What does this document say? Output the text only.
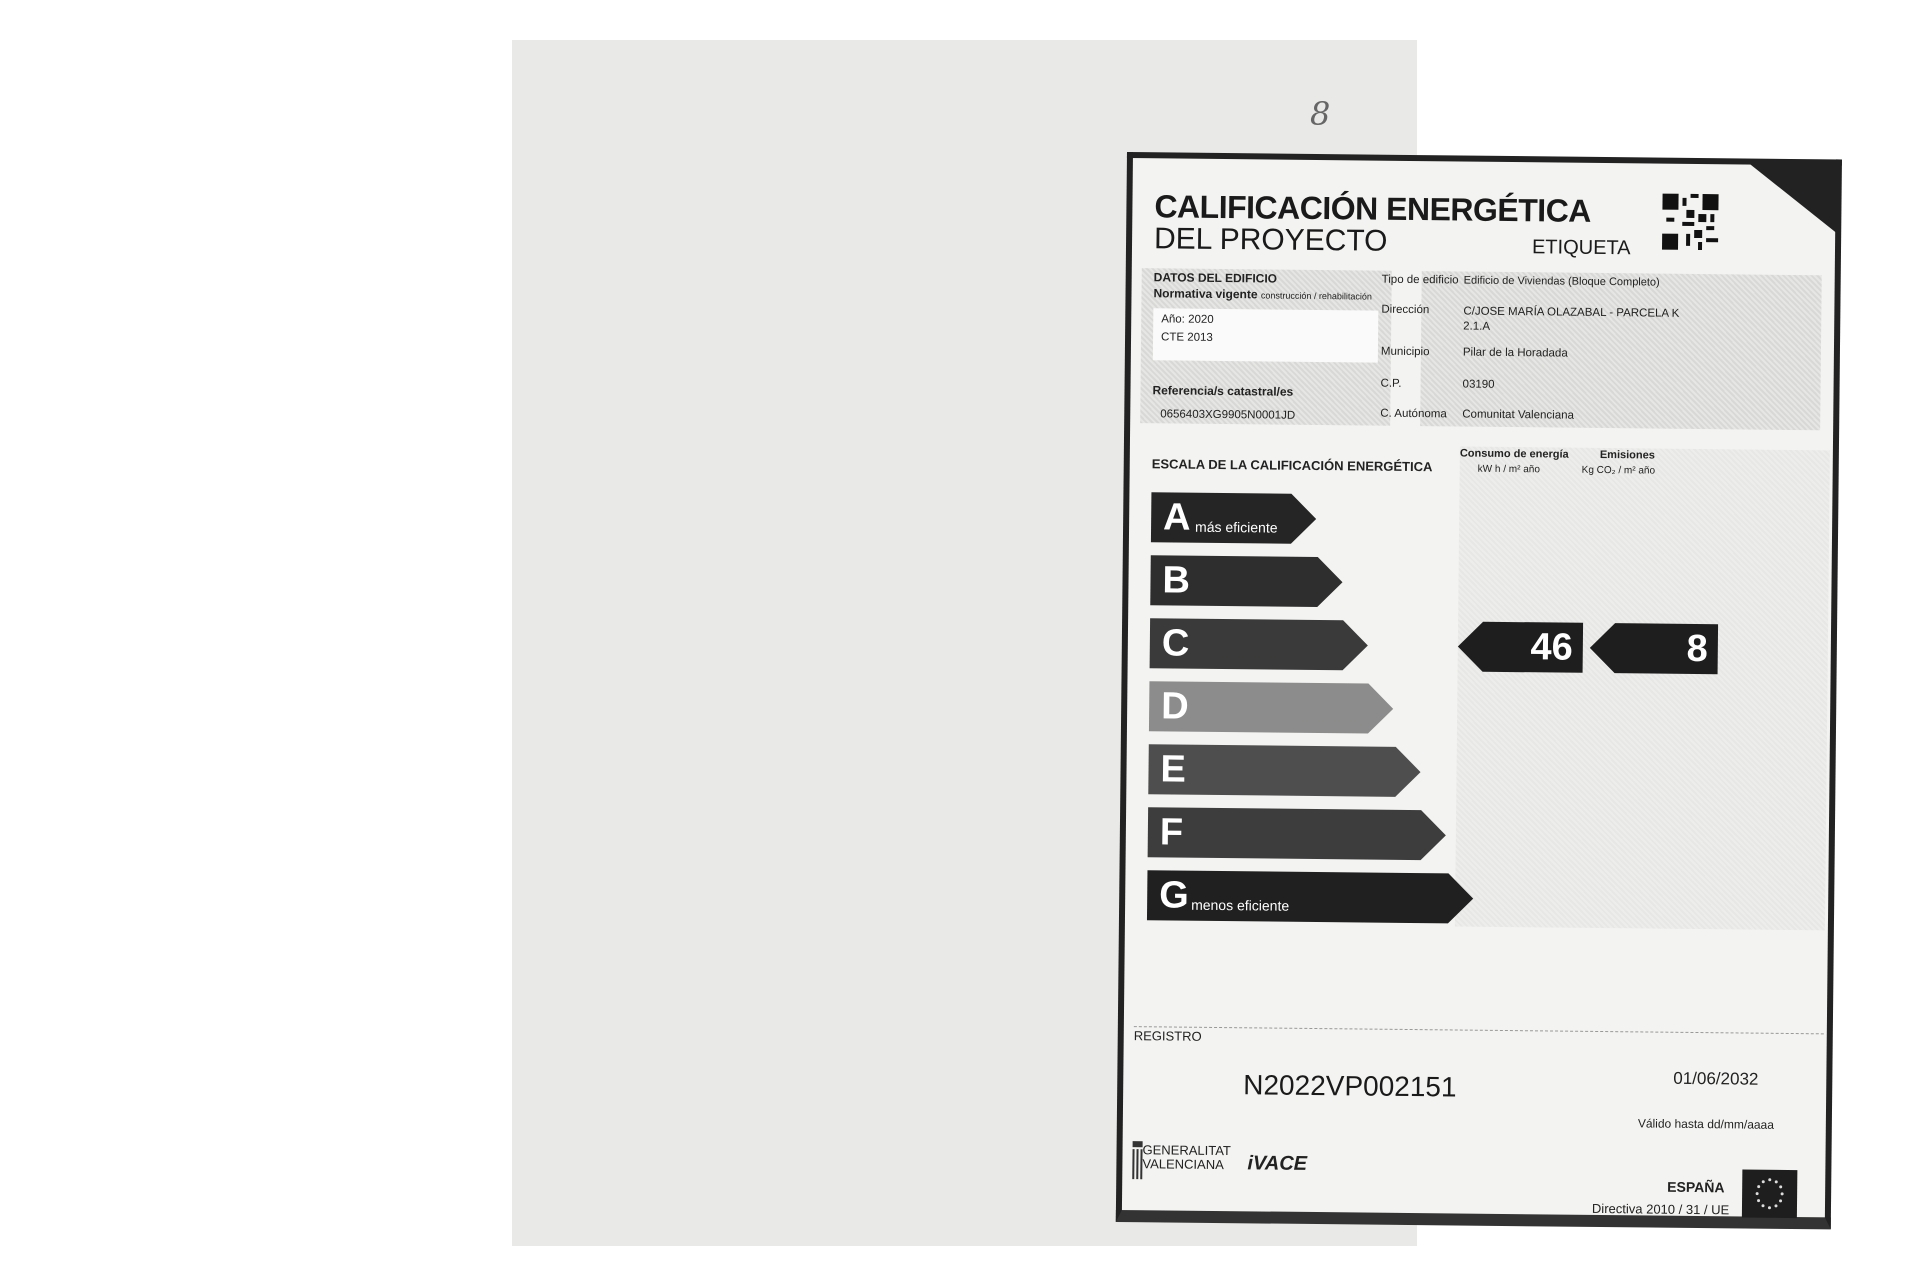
CALIFICACIÓN ENERGÉTICA
DEL PROYECTO	ETIQUETA
DATOS DEL EDIFICIO
Normativa vigente construcción / rehabilitación
Año: 2020
CTE 2013
Referencia/s catastral/es
0656403XG9905N0001JD
Tipo de edificio Edificio de Viviendas (Bloque Completo)
Dirección	C/JOSE MARÍA OLAZABAL - PARCELA K 2.1.A
Municipio	Pilar de la Horadada
C.P.	03190
C. Autónoma Comunitat Valenciana
ESCALA DE LA CALIFICACIÓN ENERGÉTICA
Consumo de energía
kW h / m² año
Emisiones
Kg CO₂ / m² año
A más eficiente
B
C
D
E
F
G menos eficiente
46	8
REGISTRO
N2022VP002151	01/06/2032
Válido hasta dd/mm/aaaa
GENERALITAT
VALENCIANA	iVACE
ESPAÑA
Directiva 2010 / 31 / UE
8
